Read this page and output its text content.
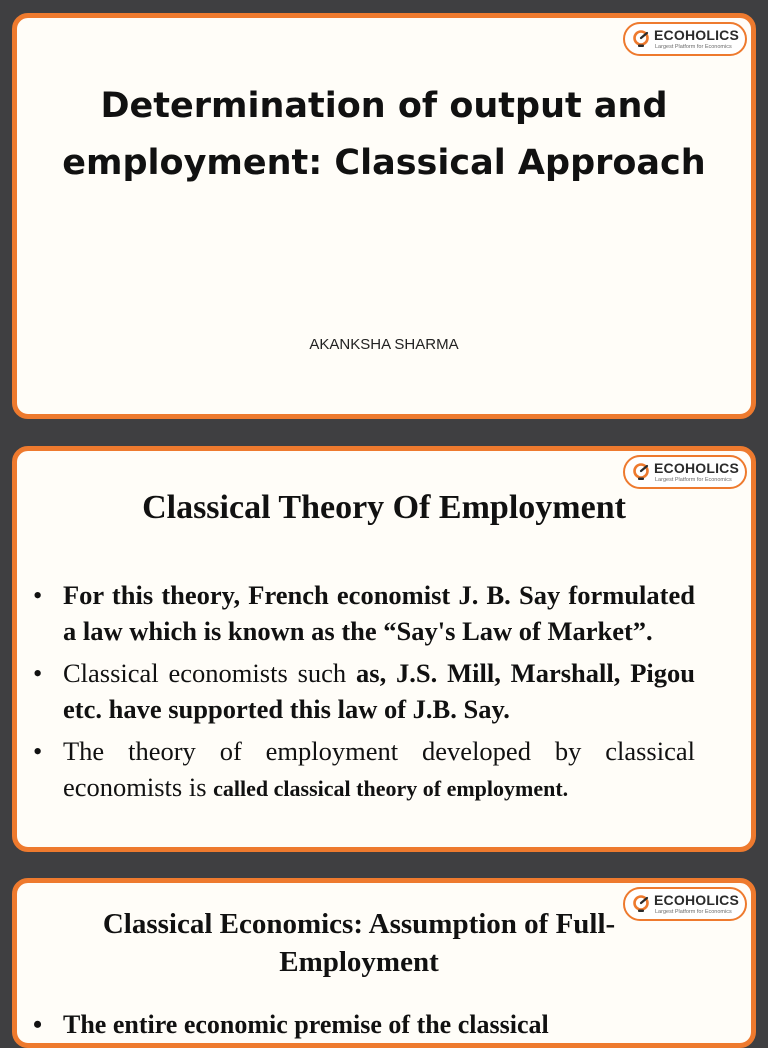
ECOHOLICS
Largest Platform for Economics
Determination of output and employment: Classical Approach
AKANKSHA SHARMA
ECOHOLICS
Largest Platform for Economics
Classical Theory Of Employment
• For this theory, French economist J. B. Say formulated a law which is known as the “Say's Law of Market”.
• Classical economists such as, J.S. Mill, Marshall, Pigou etc. have supported this law of J.B. Say.
• The theory of employment developed by classical economists is called classical theory of employment.
ECOHOLICS
Largest Platform for Economics
Classical Economics: Assumption of Full-Employment
• The entire economic premise of the classical
